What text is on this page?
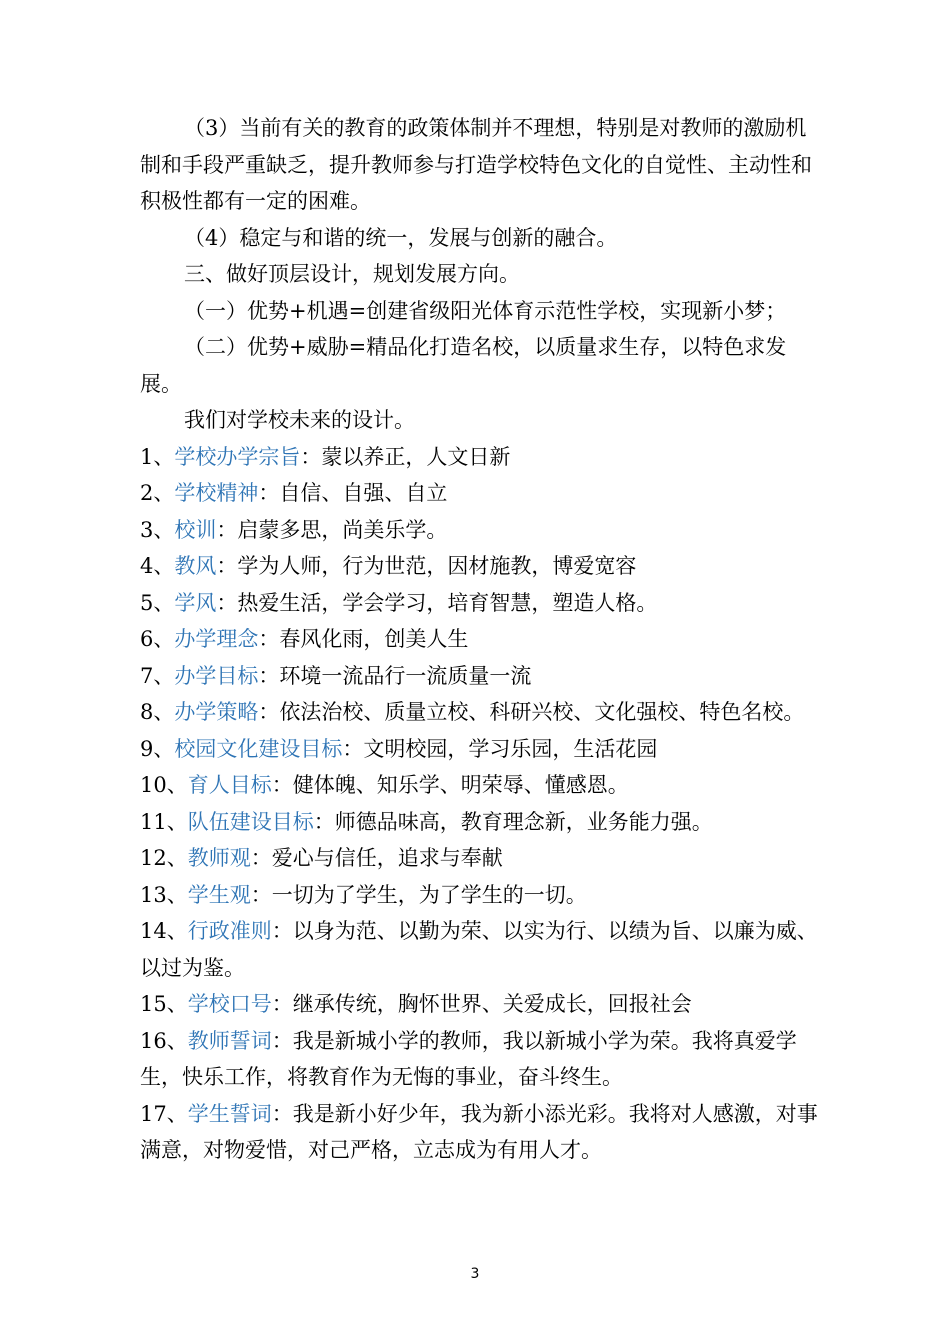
（3）当前有关的教育的政策体制并不理想，特别是对教师的激励机制和手段严重缺乏，提升教师参与打造学校特色文化的自觉性、主动性和积极性都有一定的困难。

（4）稳定与和谐的统一，发展与创新的融合。

三、做好顶层设计，规划发展方向。

（一）优势+机遇=创建省级阳光体育示范性学校，实现新小梦；

（二）优势+威胁=精品化打造名校，以质量求生存，以特色求发展。

我们对学校未来的设计。

1、学校办学宗旨：蒙以养正，人文日新

2、学校精神：自信、自强、自立

3、校训：启蒙多思，尚美乐学。

4、教风：学为人师，行为世范，因材施教，博爱宽容

5、学风：热爱生活，学会学习，培育智慧，塑造人格。

6、办学理念：春风化雨，创美人生

7、办学目标：环境一流品行一流质量一流

8、办学策略：依法治校、质量立校、科研兴校、文化强校、特色名校。

9、校园文化建设目标：文明校园，学习乐园，生活花园

10、育人目标：健体魄、知乐学、明荣辱、懂感恩。

11、队伍建设目标：师德品味高，教育理念新，业务能力强。

12、教师观：爱心与信任，追求与奉献

13、学生观：一切为了学生，为了学生的一切。

14、行政准则：以身为范、以勤为荣、以实为行、以绩为旨、以廉为威、以过为鉴。

15、学校口号：继承传统，胸怀世界、关爱成长，回报社会

16、教师誓词：我是新城小学的教师，我以新城小学为荣。我将真爱学生，快乐工作，将教育作为无悔的事业，奋斗终生。

17、学生誓词：我是新小好少年，我为新小添光彩。我将对人感激，对事满意，对物爱惜，对己严格，立志成为有用人才。

3
